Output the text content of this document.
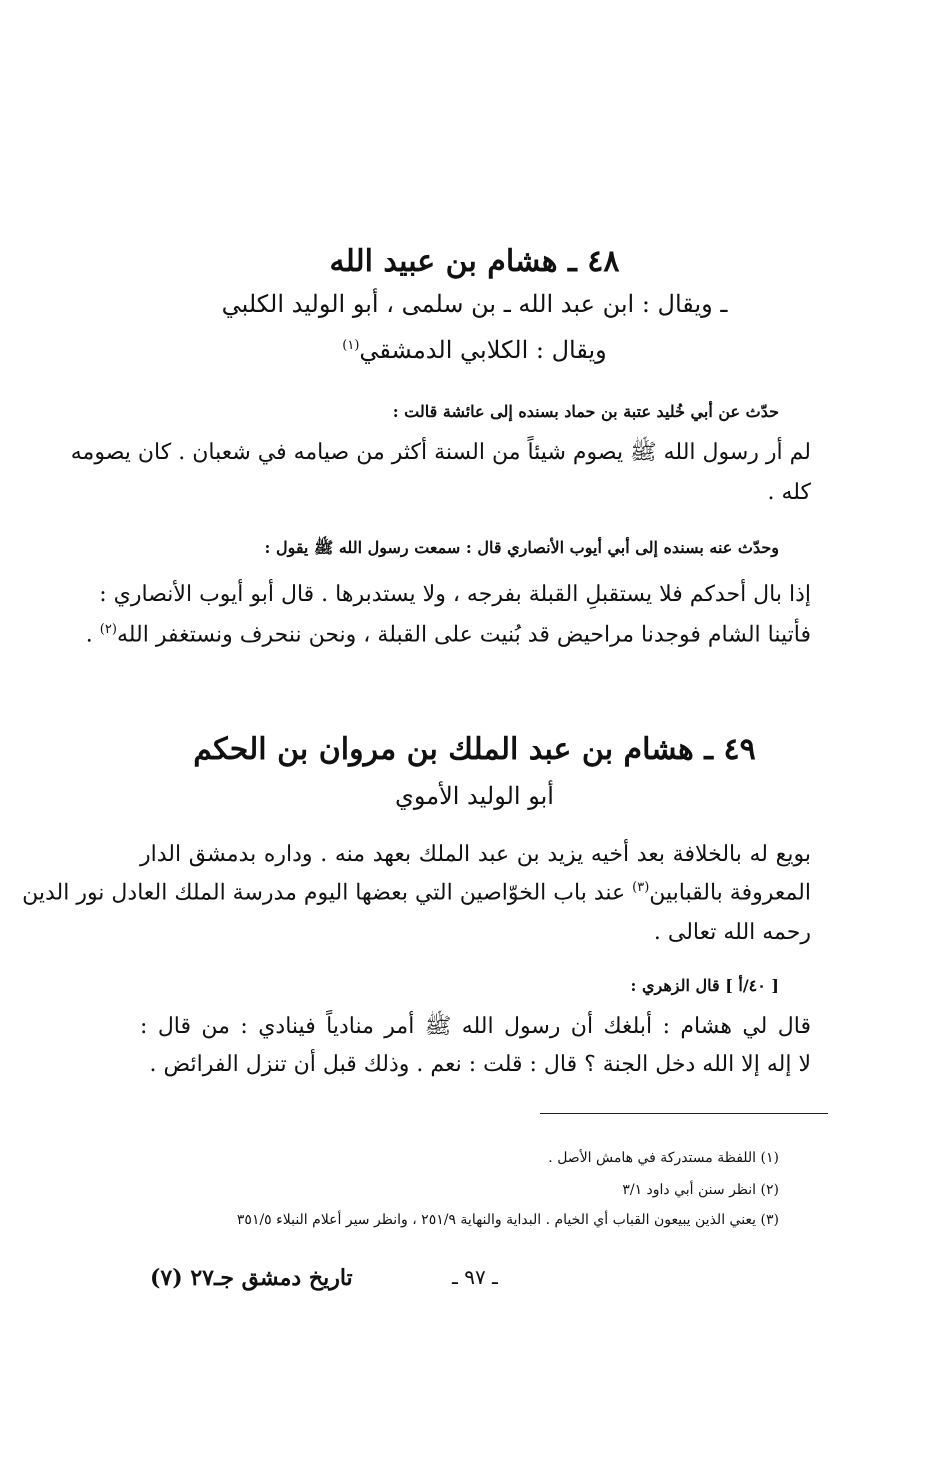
٤٨ ـ هشام بن عبيد الله
ـ ويقال : ابن عبد الله ـ بن سلمى ، أبو الوليد الكلبي
ويقال : الكلابي الدمشقي$^{(١)}$
حدّث عن أبي خُليد عتبة بن حماد بسنده إلى عائشة قالت :
لم أر رسول الله ﷺ يصوم شيئاً من السنة أكثر من صيامه في شعبان . كان يصومه
كله .
وحدّث عنه بسنده إلى أبي أيوب الأنصاري قال : سمعت رسول الله ﷺ يقول :
إذا بال أحدكم فلا يستقبلِ القبلة بفرجه ، ولا يستدبرها . قال أبو أيوب الأنصاري :
فأتينا الشام فوجدنا مراحيض قد بُنيت على القبلة ، ونحن ننحرف ونستغفر الله$^{(٢)}$ .
٤٩ ـ هشام بن عبد الملك بن مروان بن الحكم
أبو الوليد الأموي
بويع له بالخلافة بعد أخيه يزيد بن عبد الملك بعهد منه . وداره بدمشق الدار
المعروفة بالقبابين$^{(٣)}$ عند باب الخوّاصين التي بعضها اليوم مدرسة الملك العادل نور الدين
رحمه الله تعالى .
[ ٤٠/أ ] قال الزهري :
قال لي هشام : أبلغك أن رسول الله ﷺ أمر منادياً فينادي : من قال :
لا إله إلا الله دخل الجنة ؟ قال : قلت : نعم . وذلك قبل أن تنزل الفرائض .
(١) اللفظة مستدركة في هامش الأصل .
(٢) انظر سنن أبي داود ٣/١
(٣) يعني الذين يبيعون القباب أي الخيام . البداية والنهاية ٢٥١/٩ ، وانظر سير أعلام النبلاء ٣٥١/٥
ـ ٩٧ ـ
تاريخ دمشق جـ٢٧ (٧)
